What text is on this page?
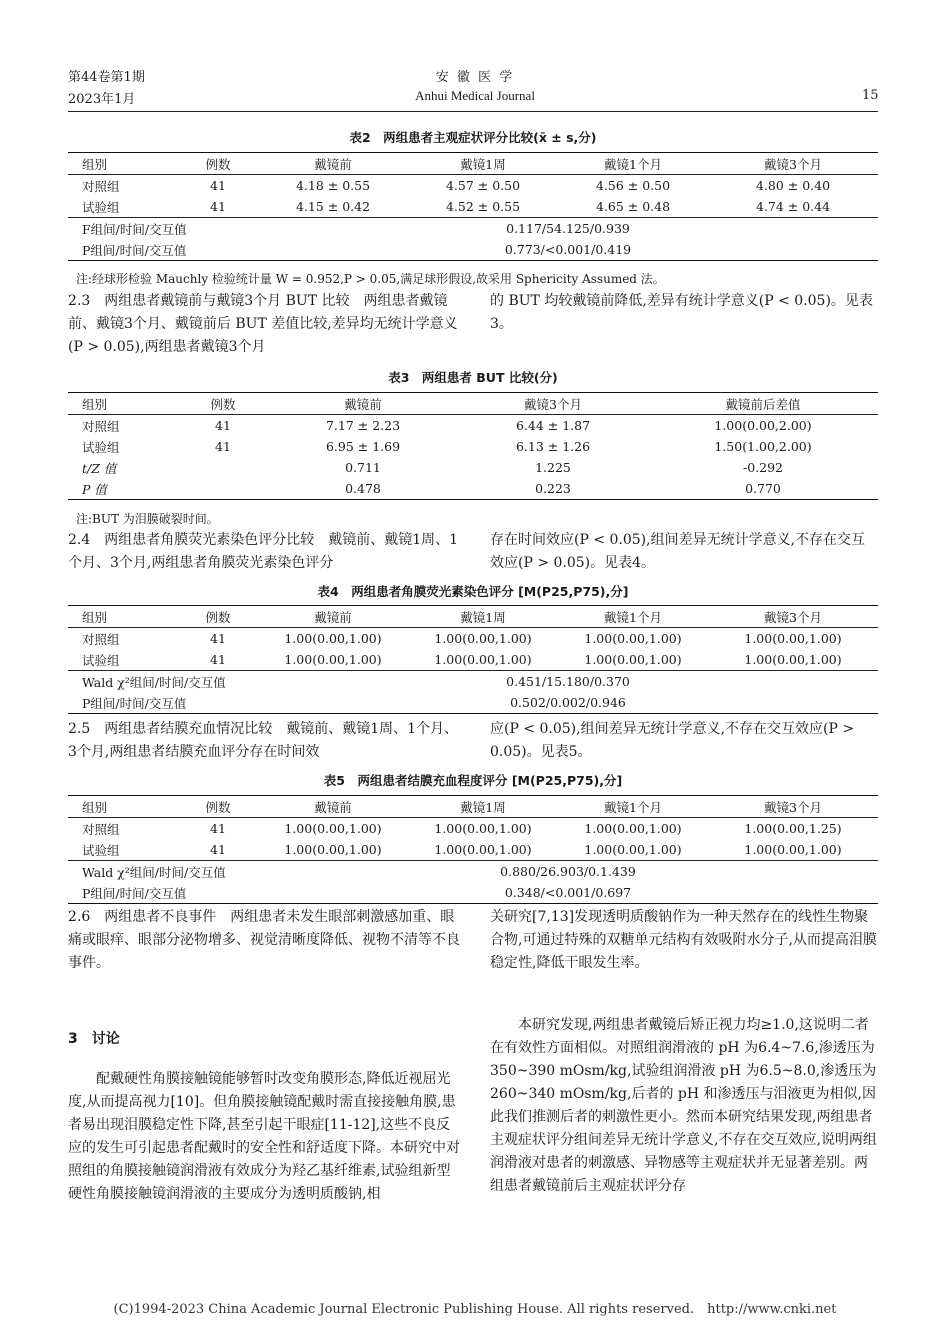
第44卷第1期
2023年1月
安 徽 医 学
Anhui Medical Journal	15
表2　两组患者主观症状评分比较(x̄ ± s,分)
组别	例数	戴镜前	戴镜1周	戴镜1个月	戴镜3个月
对照组	41	4.18 ± 0.55	4.57 ± 0.50	4.56 ± 0.50	4.80 ± 0.40
试验组	41	4.15 ± 0.42	4.52 ± 0.55	4.65 ± 0.48	4.74 ± 0.44
F组间/时间/交互值		0.117/54.125/0.939			
P组间/时间/交互值		0.773/<0.001/0.419			
注:经球形检验 Mauchly 检验统计量 W = 0.952,P > 0.05,满足球形假设,故采用 Sphericity Assumed 法。

2.3　两组患者戴镜前与戴镜3个月 BUT 比较　两组患者戴镜前、戴镜3个月、戴镜前后 BUT 差值比较,差异均无统计学意义(P > 0.05),两组患者戴镜3个月

的 BUT 均较戴镜前降低,差异有统计学意义(P < 0.05)。见表3。

表3　两组患者 BUT 比较(分)
组别	例数	戴镜前	戴镜3个月	戴镜前后差值
对照组	41	7.17 ± 2.23	6.44 ± 1.87	1.00(0.00,2.00)
试验组	41	6.95 ± 1.69	6.13 ± 1.26	1.50(1.00,2.00)
t/Z 值		0.711	1.225	-0.292
P 值		0.478	0.223	0.770
注:BUT 为泪膜破裂时间。

2.4　两组患者角膜荧光素染色评分比较　戴镜前、戴镜1周、1个月、3个月,两组患者角膜荧光素染色评分

存在时间效应(P < 0.05),组间差异无统计学意义,不存在交互效应(P > 0.05)。见表4。

表4　两组患者角膜荧光素染色评分 [M(P25,P75),分]
组别	例数	戴镜前	戴镜1周	戴镜1个月	戴镜3个月
对照组	41	1.00(0.00,1.00)	1.00(0.00,1.00)	1.00(0.00,1.00)	1.00(0.00,1.00)
试验组	41	1.00(0.00,1.00)	1.00(0.00,1.00)	1.00(0.00,1.00)	1.00(0.00,1.00)
Wald χ²组间/时间/交互值		0.451/15.180/0.370			
P组间/时间/交互值		0.502/0.002/0.946			

2.5　两组患者结膜充血情况比较　戴镜前、戴镜1周、1个月、3个月,两组患者结膜充血评分存在时间效

应(P < 0.05),组间差异无统计学意义,不存在交互效应(P > 0.05)。见表5。

表5　两组患者结膜充血程度评分 [M(P25,P75),分]
组别	例数	戴镜前	戴镜1周	戴镜1个月	戴镜3个月
对照组	41	1.00(0.00,1.00)	1.00(0.00,1.00)	1.00(0.00,1.00)	1.00(0.00,1.25)
试验组	41	1.00(0.00,1.00)	1.00(0.00,1.00)	1.00(0.00,1.00)	1.00(0.00,1.00)
Wald χ²组间/时间/交互值		0.880/26.903/0.1.439			
P组间/时间/交互值		0.348/<0.001/0.697			

2.6　两组患者不良事件　两组患者未发生眼部刺激感加重、眼痛或眼痒、眼部分泌物增多、视觉清晰度降低、视物不清等不良事件。

3　讨论

配戴硬性角膜接触镜能够暂时改变角膜形态,降低近视屈光度,从而提高视力[10]。但角膜接触镜配戴时需直接接触角膜,患者易出现泪膜稳定性下降,甚至引起干眼症[11-12],这些不良反应的发生可引起患者配戴时的安全性和舒适度下降。本研究中对照组的角膜接触镜润滑液有效成分为羟乙基纤维素,试验组新型硬性角膜接触镜润滑液的主要成分为透明质酸钠,相

关研究[7,13]发现透明质酸钠作为一种天然存在的线性生物聚合物,可通过特殊的双糖单元结构有效吸附水分子,从而提高泪膜稳定性,降低干眼发生率。

本研究发现,两组患者戴镜后矫正视力均≥1.0,这说明二者在有效性方面相似。对照组润滑液的 pH 为6.4~7.6,渗透压为350~390 mOsm/kg,试验组润滑液 pH 为6.5~8.0,渗透压为260~340 mOsm/kg,后者的 pH 和渗透压与泪液更为相似,因此我们推测后者的刺激性更小。然而本研究结果发现,两组患者主观症状评分组间差异无统计学意义,不存在交互效应,说明两组润滑液对患者的刺激感、异物感等主观症状并无显著差别。两组患者戴镜前后主观症状评分存

(C)1994-2023 China Academic Journal Electronic Publishing House. All rights reserved.　http://www.cnki.net
